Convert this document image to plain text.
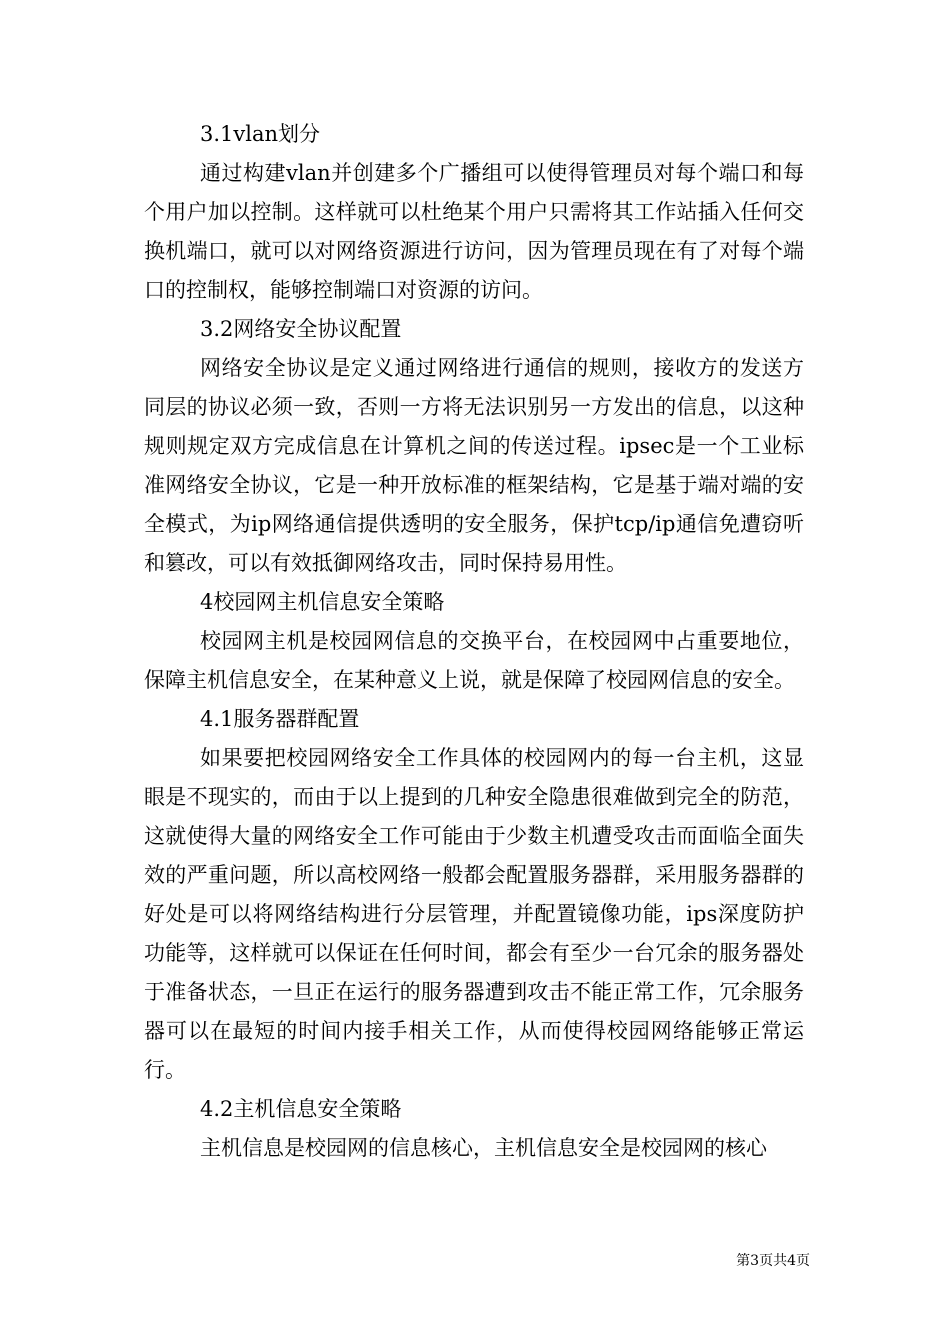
3.1vlan划分

通过构建vlan并创建多个广播组可以使得管理员对每个端口和每个用户加以控制。这样就可以杜绝某个用户只需将其工作站插入任何交换机端口，就可以对网络资源进行访问，因为管理员现在有了对每个端口的控制权，能够控制端口对资源的访问。

3.2网络安全协议配置

网络安全协议是定义通过网络进行通信的规则，接收方的发送方同层的协议必须一致，否则一方将无法识别另一方发出的信息，以这种规则规定双方完成信息在计算机之间的传送过程。ipsec是一个工业标准网络安全协议，它是一种开放标准的框架结构，它是基于端对端的安全模式，为ip网络通信提供透明的安全服务，保护tcp/ip通信免遭窃听和篡改，可以有效抵御网络攻击，同时保持易用性。

4校园网主机信息安全策略

校园网主机是校园网信息的交换平台，在校园网中占重要地位，保障主机信息安全，在某种意义上说，就是保障了校园网信息的安全。

4.1服务器群配置

如果要把校园网络安全工作具体的校园网内的每一台主机，这显眼是不现实的，而由于以上提到的几种安全隐患很难做到完全的防范，这就使得大量的网络安全工作可能由于少数主机遭受攻击而面临全面失效的严重问题，所以高校网络一般都会配置服务器群，采用服务器群的好处是可以将网络结构进行分层管理，并配置镜像功能，ips深度防护功能等，这样就可以保证在任何时间，都会有至少一台冗余的服务器处于准备状态，一旦正在运行的服务器遭到攻击不能正常工作，冗余服务器可以在最短的时间内接手相关工作，从而使得校园网络能够正常运行。

4.2主机信息安全策略

主机信息是校园网的信息核心，主机信息安全是校园网的核心

第3页共4页
